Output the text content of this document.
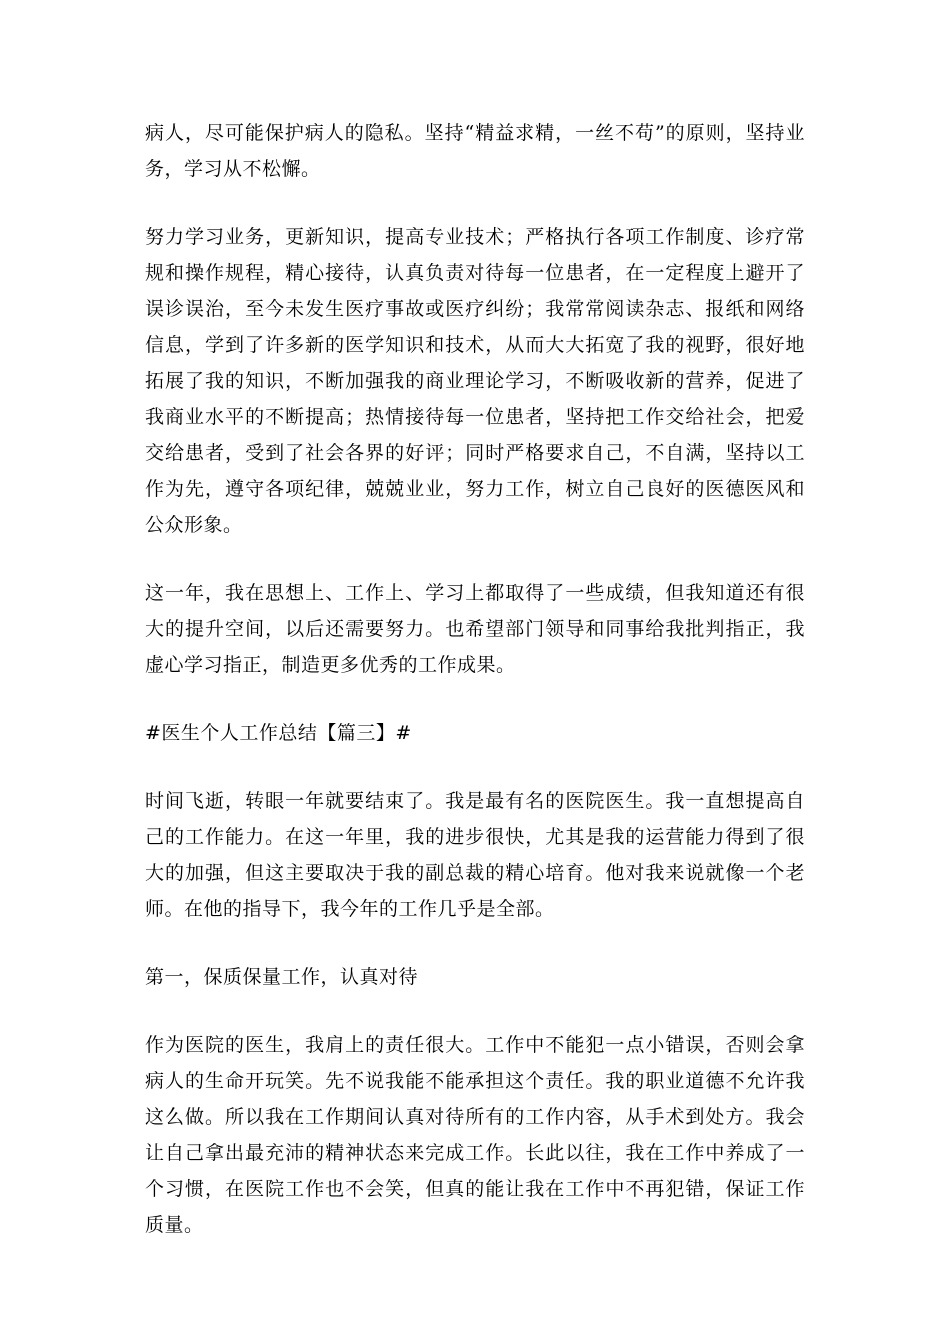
病人，尽可能保护病人的隐私。坚持“精益求精，一丝不苟”的原则，坚持业务，学习从不松懈。

努力学习业务，更新知识，提高专业技术；严格执行各项工作制度、诊疗常规和操作规程，精心接待，认真负责对待每一位患者，在一定程度上避开了误诊误治，至今未发生医疗事故或医疗纠纷；我常常阅读杂志、报纸和网络信息，学到了许多新的医学知识和技术，从而大大拓宽了我的视野，很好地拓展了我的知识，不断加强我的商业理论学习，不断吸收新的营养，促进了我商业水平的不断提高；热情接待每一位患者，坚持把工作交给社会，把爱交给患者，受到了社会各界的好评；同时严格要求自己，不自满，坚持以工作为先，遵守各项纪律，兢兢业业，努力工作，树立自己良好的医德医风和公众形象。

这一年，我在思想上、工作上、学习上都取得了一些成绩，但我知道还有很大的提升空间，以后还需要努力。也希望部门领导和同事给我批判指正，我虚心学习指正，制造更多优秀的工作成果。

#医生个人工作总结【篇三】#

时间飞逝，转眼一年就要结束了。我是最有名的医院医生。我一直想提高自己的工作能力。在这一年里，我的进步很快，尤其是我的运营能力得到了很大的加强，但这主要取决于我的副总裁的精心培育。他对我来说就像一个老师。在他的指导下，我今年的工作几乎是全部。

第一，保质保量工作，认真对待

作为医院的医生，我肩上的责任很大。工作中不能犯一点小错误，否则会拿病人的生命开玩笑。先不说我能不能承担这个责任。我的职业道德不允许我这么做。所以我在工作期间认真对待所有的工作内容，从手术到处方。我会让自己拿出最充沛的精神状态来完成工作。长此以往，我在工作中养成了一个习惯，在医院工作也不会笑，但真的能让我在工作中不再犯错，保证工作质量。
